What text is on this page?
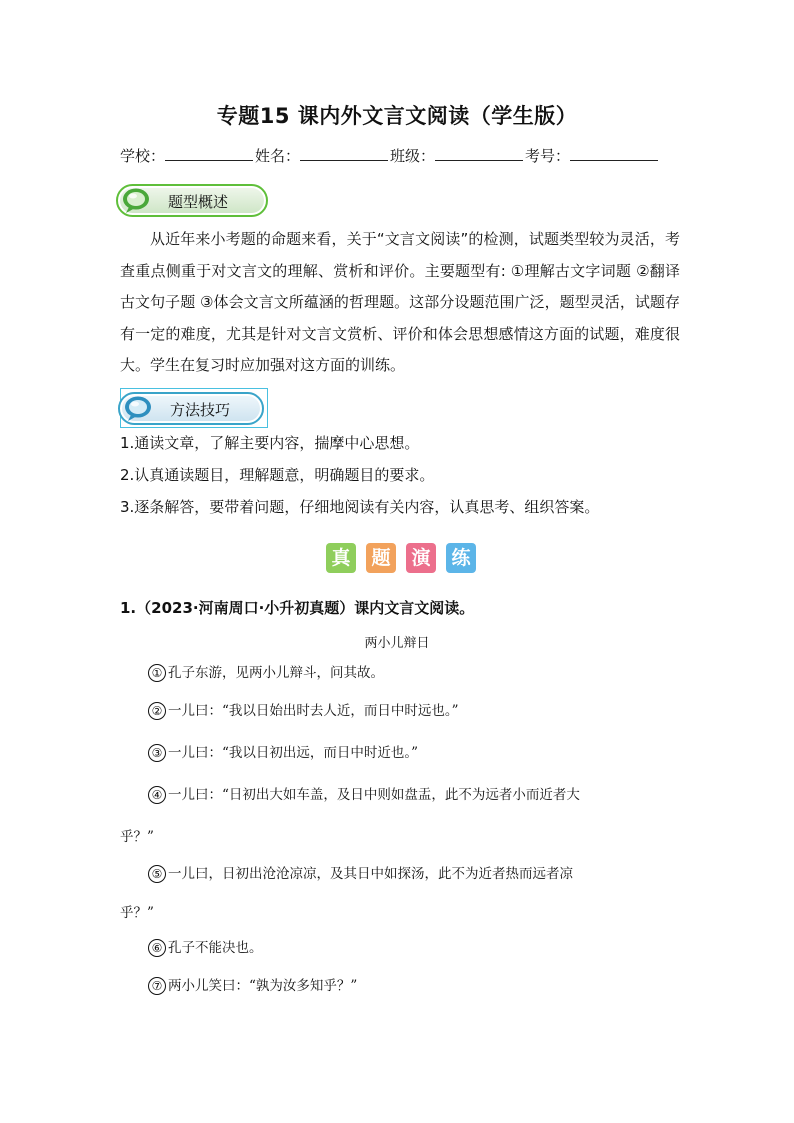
专题15 课内外文言文阅读（学生版）
学校：	姓名：	班级：	考号：
题型概述
从近年来小考题的命题来看，关于“文言文阅读”的检测，试题类型较为灵活，考查重点侧重于对文言文的理解、赏析和评价。主要题型有: ①理解古文字词题 ②翻译古文句子题 ③体会文言文所蕴涵的哲理题。这部分设题范围广泛，题型灵活，试题存有一定的难度，尤其是针对文言文赏析、评价和体会思想感情这方面的试题，难度很大。学生在复习时应加强对这方面的训练。
方法技巧
1.通读文章，了解主要内容，揣摩中心思想。
2.认真通读题目，理解题意，明确题目的要求。
3.逐条解答，要带着问题，仔细地阅读有关内容，认真思考、组织答案。
真 题 演 练
1.（2023·河南周口·小升初真题）课内文言文阅读。
两小儿辩日
① 孔子东游，见两小儿辩斗，问其故。
② 一儿曰：“我以日始出时去人近，而日中时远也。”
③ 一儿曰：“我以日初出远，而日中时近也。”
④ 一儿曰：“日初出大如车盖，及日中则如盘盂，此不为远者小而近者大
乎？”
⑤ 一儿曰，日初出沧沧凉凉，及其日中如探汤，此不为近者热而远者凉
乎？”
⑥ 孔子不能决也。
⑦ 两小儿笑曰：“孰为汝多知乎？”
